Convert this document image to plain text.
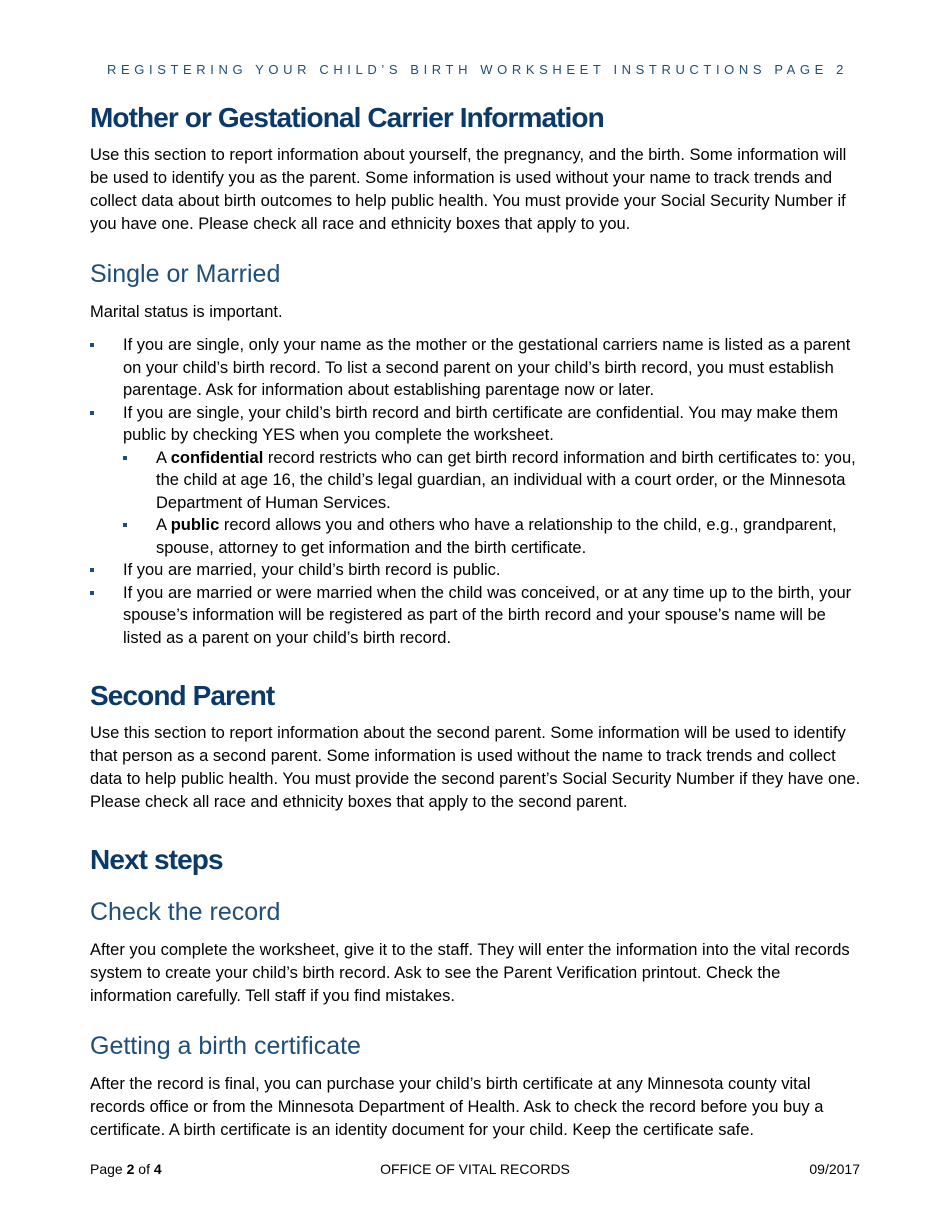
REGISTERING YOUR CHILD’S BIRTH WORKSHEET INSTRUCTIONS PAGE 2
Mother or Gestational Carrier Information

Use this section to report information about yourself, the pregnancy, and the birth. Some information will be used to identify you as the parent. Some information is used without your name to track trends and collect data about birth outcomes to help public health. You must provide your Social Security Number if you have one. Please check all race and ethnicity boxes that apply to you.

Single or Married

Marital status is important.

If you are single, only your name as the mother or the gestational carriers name is listed as a parent on your child’s birth record. To list a second parent on your child’s birth record, you must establish parentage. Ask for information about establishing parentage now or later.
If you are single, your child’s birth record and birth certificate are confidential. You may make them public by checking YES when you complete the worksheet.
A confidential record restricts who can get birth record information and birth certificates to: you, the child at age 16, the child’s legal guardian, an individual with a court order, or the Minnesota Department of Human Services.
A public record allows you and others who have a relationship to the child, e.g., grandparent, spouse, attorney to get information and the birth certificate.
If you are married, your child’s birth record is public.
If you are married or were married when the child was conceived, or at any time up to the birth, your spouse’s information will be registered as part of the birth record and your spouse’s name will be listed as a parent on your child’s birth record.
Second Parent

Use this section to report information about the second parent. Some information will be used to identify that person as a second parent. Some information is used without the name to track trends and collect data to help public health. You must provide the second parent’s Social Security Number if they have one. Please check all race and ethnicity boxes that apply to the second parent.

Next steps
Check the record

After you complete the worksheet, give it to the staff. They will enter the information into the vital records system to create your child’s birth record. Ask to see the Parent Verification printout. Check the information carefully. Tell staff if you find mistakes.

Getting a birth certificate

After the record is final, you can purchase your child’s birth certificate at any Minnesota county vital records office or from the Minnesota Department of Health. Ask to check the record before you buy a certificate. A birth certificate is an identity document for your child. Keep the certificate safe.

Page 2 of 4	OFFICE OF VITAL RECORDS	09/2017
